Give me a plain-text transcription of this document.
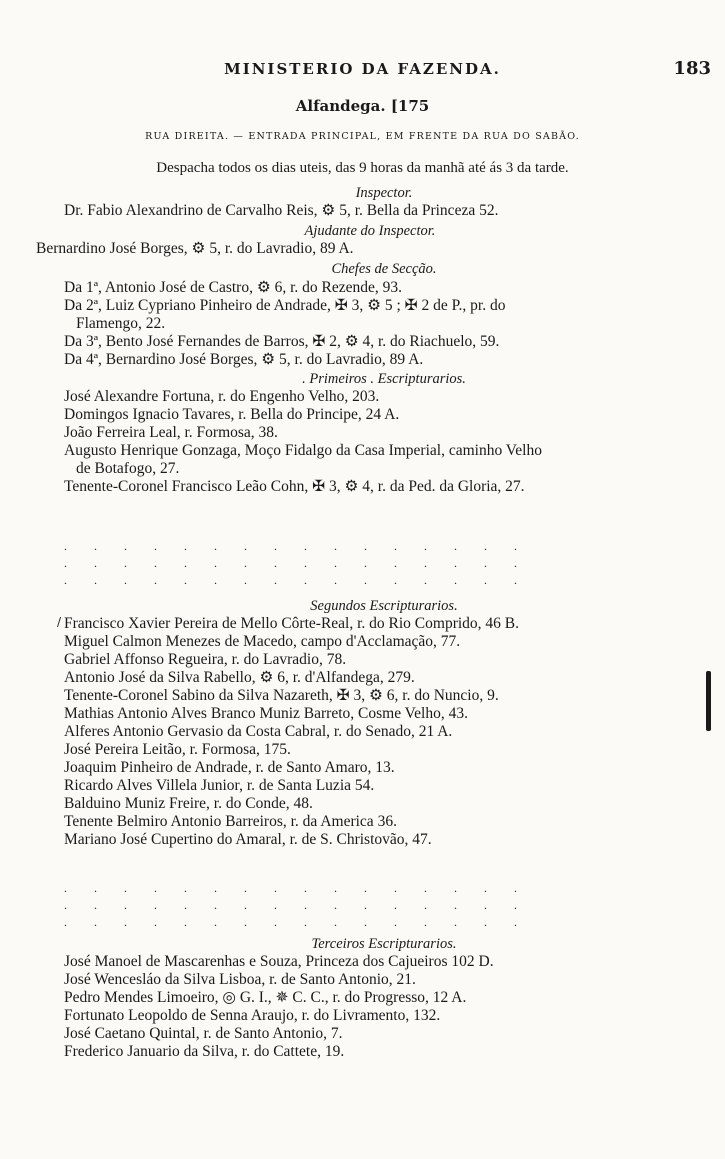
MINISTERIO DA FAZENDA.	183
Alfandega. [175
RUA DIREITA. — ENTRADA PRINCIPAL, EM FRENTE DA RUA DO SABÃO.
Despacha todos os dias uteis, das 9 horas da manhã até ás 3 da tarde.

Inspector.

Dr. Fabio Alexandrino de Carvalho Reis, ⚙ 5, r. Bella da Princeza 52.

Ajudante do Inspector.

Bernardino José Borges, ⚙ 5, r. do Lavradio, 89 A.

Chefes de Secção.

Da 1ª, Antonio José de Castro, ⚙ 6, r. do Rezende, 93.

Da 2ª, Luiz Cypriano Pinheiro de Andrade, ✠ 3, ⚙ 5 ; ✠ 2 de P., pr. do

Flamengo, 22.

Da 3ª, Bento José Fernandes de Barros, ✠ 2, ⚙ 4, r. do Riachuelo, 59.

Da 4ª, Bernardino José Borges, ⚙ 5, r. do Lavradio, 89 A.

. Primeiros . Escripturarios.

José Alexandre Fortuna, r. do Engenho Velho, 203.

Domingos Ignacio Tavares, r. Bella do Principe, 24 A.

João Ferreira Leal, r. Formosa, 38.

Augusto Henrique Gonzaga, Moço Fidalgo da Casa Imperial, caminho Velho

de Botafogo, 27.

Tenente-Coronel Francisco Leão Cohn, ✠ 3, ⚙ 4, r. da Ped. da Gloria, 27.

. . . . . . . . . . . . . . . .

. . . . . . . . . . . . . . . .

. . . . . . . . . . . . . . . .

Segundos Escripturarios.

Francisco Xavier Pereira de Mello Côrte-Real, r. do Rio Comprido, 46 B.

Miguel Calmon Menezes de Macedo, campo d'Acclamação, 77.

Gabriel Affonso Regueira, r. do Lavradio, 78.

Antonio José da Silva Rabello, ⚙ 6, r. d'Alfandega, 279.

Tenente-Coronel Sabino da Silva Nazareth, ✠ 3, ⚙ 6, r. do Nuncio, 9.

Mathias Antonio Alves Branco Muniz Barreto, Cosme Velho, 43.

Alferes Antonio Gervasio da Costa Cabral, r. do Senado, 21 A.

José Pereira Leitão, r. Formosa, 175.

Joaquim Pinheiro de Andrade, r. de Santo Amaro, 13.

Ricardo Alves Villela Junior, r. de Santa Luzia 54.

Balduino Muniz Freire, r. do Conde, 48.

Tenente Belmiro Antonio Barreiros, r. da America 36.

Mariano José Cupertino do Amaral, r. de S. Christovão, 47.

/

. . . . . . . . . . . . . . . .

. . . . . . . . . . . . . . . .

. . . . . . . . . . . . . . . .

Terceiros Escripturarios.

José Manoel de Mascarenhas e Souza, Princeza dos Cajueiros 102 D.

José Wencesláo da Silva Lisboa, r. de Santo Antonio, 21.

Pedro Mendes Limoeiro, ◎ G. I., ✵ C. C., r. do Progresso, 12 A.

Fortunato Leopoldo de Senna Araujo, r. do Livramento, 132.

José Caetano Quintal, r. de Santo Antonio, 7.

Frederico Januario da Silva, r. do Cattete, 19.
